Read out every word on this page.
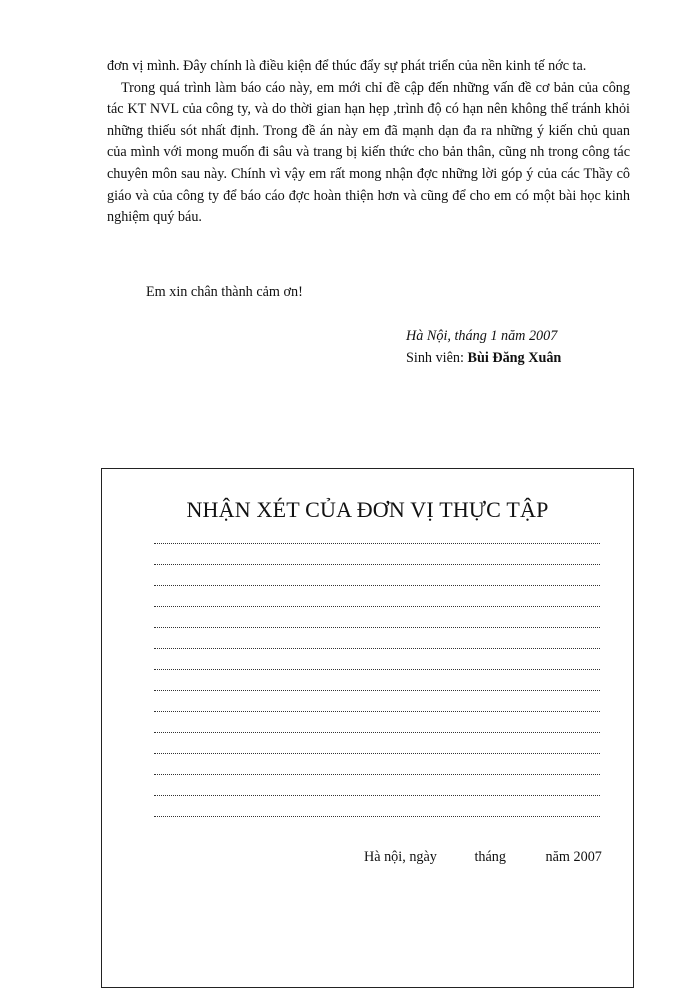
đơn vị mình. Đây chính là điều kiện để thúc đẩy sự phát triển của nền kinh tế nớc ta.

Trong quá trình làm báo cáo này, em mới chỉ đề cập đến những vấn đề cơ bản của công tác KT NVL của công ty, và do thời gian hạn hẹp ,trình độ có hạn nên không thể tránh khỏi những thiếu sót nhất định. Trong đề án này em đã mạnh dạn đa ra những ý kiến chủ quan của mình với mong muốn đi sâu và trang bị kiến thức cho bản thân, cũng nh trong công tác chuyên môn sau này. Chính vì vậy em rất mong nhận đợc những lời góp ý của các Thầy cô giáo và của công ty để báo cáo đợc hoàn thiện hơn và cũng để cho em có một bài học kinh nghiệm quý báu.

Em xin chân thành cảm ơn!
Hà Nội, tháng 1 năm 2007
Sinh viên: Bùi Đăng Xuân
NHẬN XÉT CỦA ĐƠN VỊ THỰC TẬP
Hà nội, ngày	tháng	năm 2007
